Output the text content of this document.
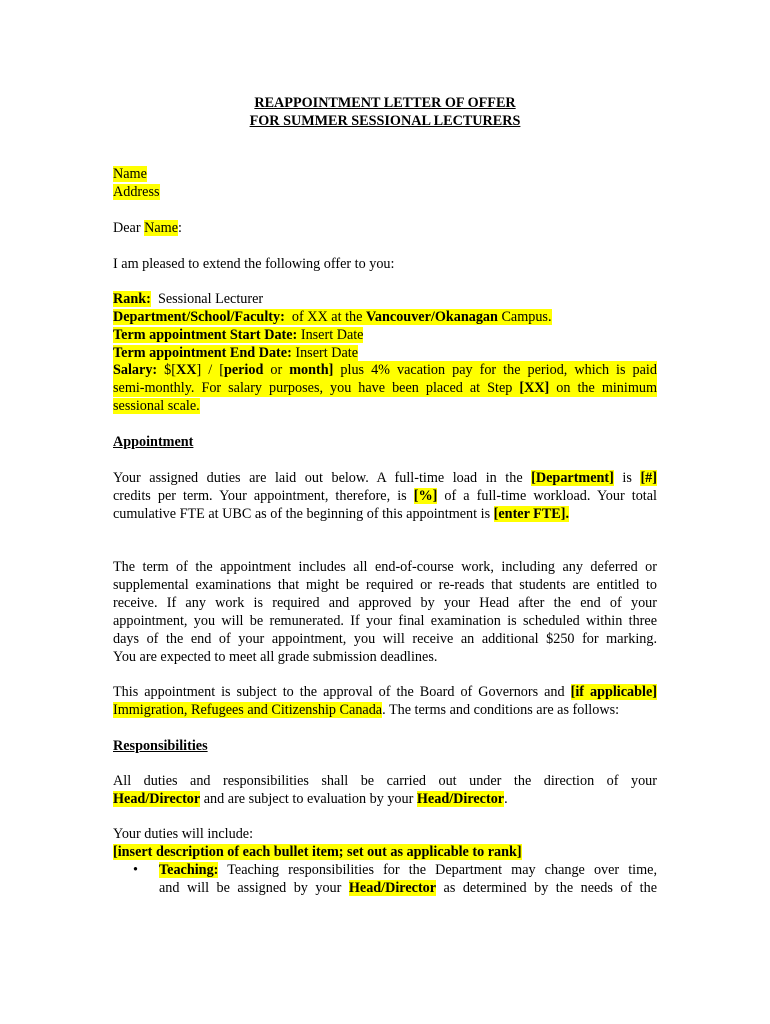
REAPPOINTMENT LETTER OF OFFER
FOR SUMMER SESSIONAL LECTURERS
Name
Address
Dear Name:
I am pleased to extend the following offer to you:
Rank:  Sessional Lecturer
Department/School/Faculty:  of XX at the Vancouver/Okanagan Campus.
Term appointment Start Date: Insert Date
Term appointment End Date: Insert Date
Salary: $[XX] / [period or month] plus 4% vacation pay for the period, which is paid
semi-monthly. For salary purposes, you have been placed at Step [XX] on the minimum
sessional scale.
Appointment
Your assigned duties are laid out below. A full-time load in the [Department] is [#]
credits per term. Your appointment, therefore, is [%] of a full-time workload. Your total
cumulative FTE at UBC as of the beginning of this appointment is [enter FTE].
The term of the appointment includes all end-of-course work, including any deferred or
supplemental examinations that might be required or re-reads that students are entitled to
receive. If any work is required and approved by your Head after the end of your
appointment, you will be remunerated. If your final examination is scheduled within three
days of the end of your appointment, you will receive an additional $250 for marking.
You are expected to meet all grade submission deadlines.
This appointment is subject to the approval of the Board of Governors and [if applicable]
Immigration, Refugees and Citizenship Canada. The terms and conditions are as follows:
Responsibilities
All duties and responsibilities shall be carried out under the direction of your
Head/Director and are subject to evaluation by your Head/Director.
Your duties will include:
[insert description of each bullet item; set out as applicable to rank]
• Teaching: Teaching responsibilities for the Department may change over time,
and will be assigned by your Head/Director as determined by the needs of the
